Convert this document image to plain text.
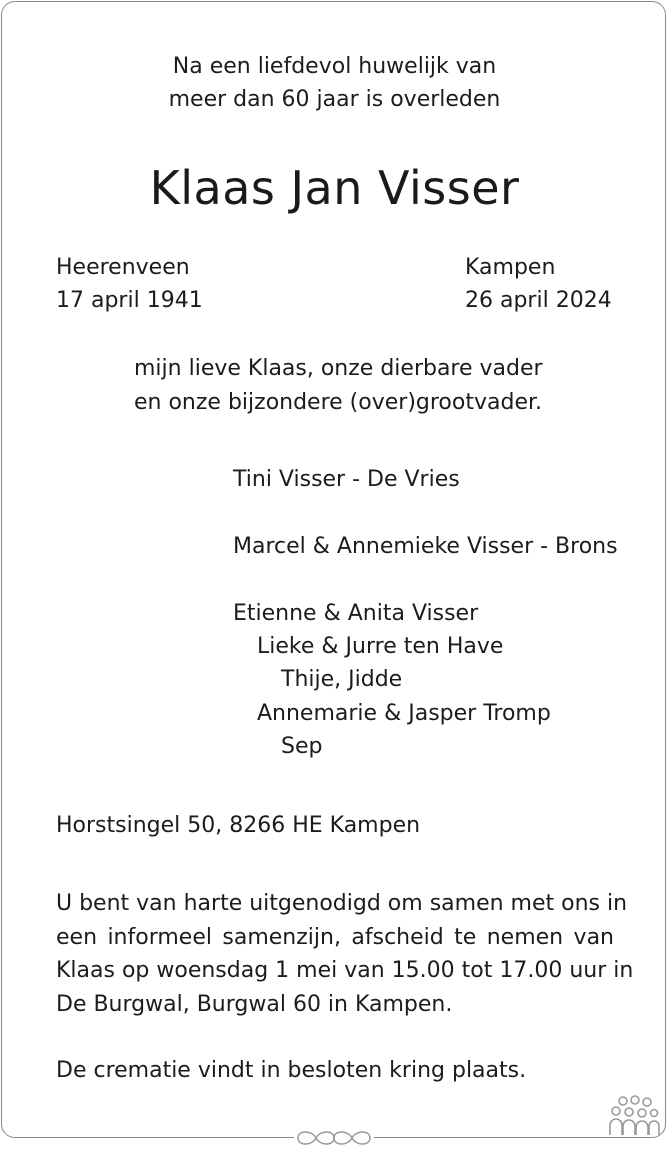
Na een liefdevol huwelijk van
meer dan 60 jaar is overleden
Klaas Jan Visser
Heerenveen
17 april 1941
Kampen
26 april 2024
mijn lieve Klaas, onze dierbare vader
en onze bijzondere (over)grootvader.
Tini Visser - De Vries
Marcel & Annemieke Visser - Brons
Etienne & Anita Visser
Lieke & Jurre ten Have
Thije, Jidde
Annemarie & Jasper Tromp
Sep
Horstsingel 50, 8266 HE Kampen
U bent van harte uitgenodigd om samen met ons in
een informeel samenzijn, afscheid te nemen van
Klaas op woensdag 1 mei van 15.00 tot 17.00 uur in
De Burgwal, Burgwal 60 in Kampen.
De crematie vindt in besloten kring plaats.
